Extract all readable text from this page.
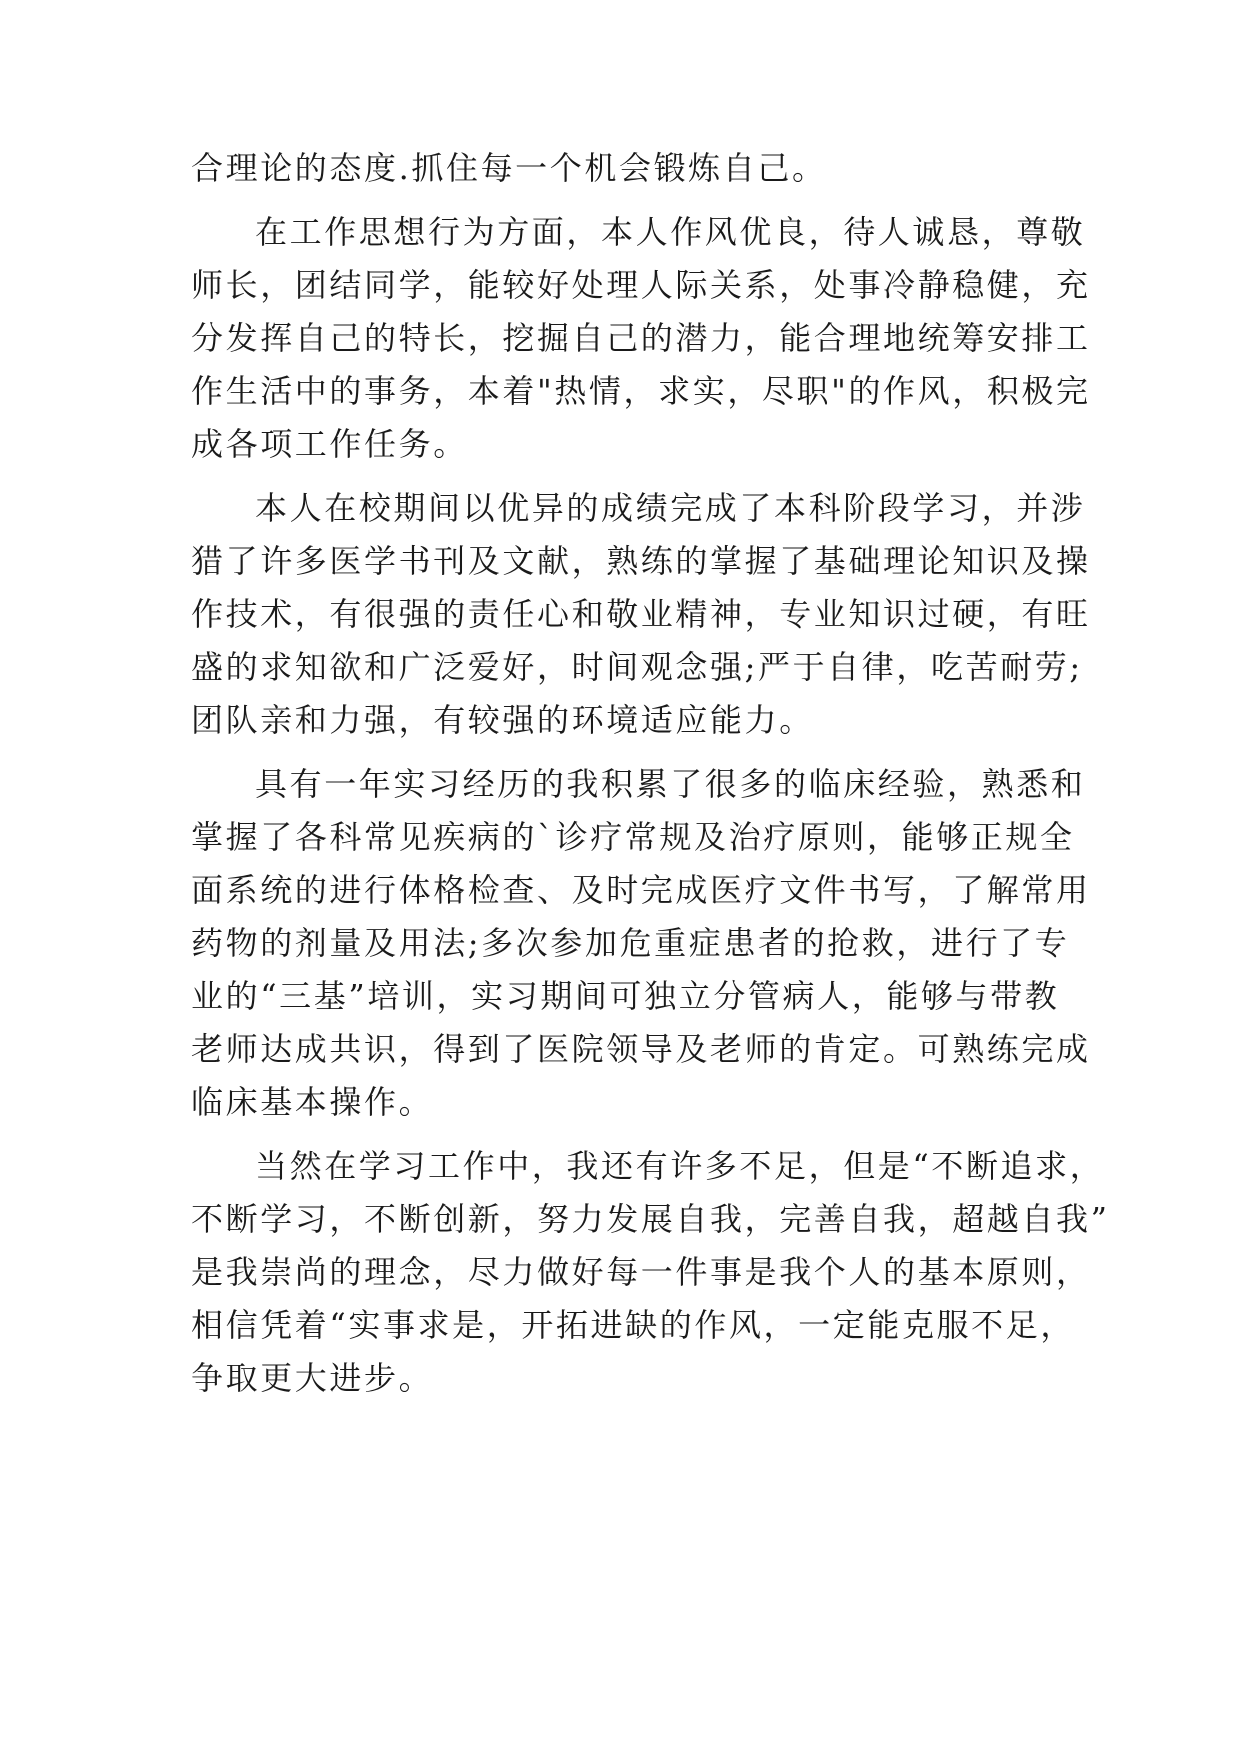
合理论的态度.抓住每一个机会锻炼自己。
在工作思想行为方面，本人作风优良，待人诚恳，尊敬
师长，团结同学，能较好处理人际关系，处事冷静稳健，充
分发挥自己的特长，挖掘自己的潜力，能合理地统筹安排工
作生活中的事务，本着"热情，求实，尽职"的作风，积极完
成各项工作任务。
本人在校期间以优异的成绩完成了本科阶段学习，并涉
猎了许多医学书刊及文献，熟练的掌握了基础理论知识及操
作技术，有很强的责任心和敬业精神，专业知识过硬，有旺
盛的求知欲和广泛爱好，时间观念强;严于自律，吃苦耐劳;
团队亲和力强，有较强的环境适应能力。
具有一年实习经历的我积累了很多的临床经验，熟悉和
掌握了各科常见疾病的`诊疗常规及治疗原则，能够正规全
面系统的进行体格检查、及时完成医疗文件书写，了解常用
药物的剂量及用法;多次参加危重症患者的抢救，进行了专
业的“三基”培训，实习期间可独立分管病人，能够与带教
老师达成共识，得到了医院领导及老师的肯定。可熟练完成
临床基本操作。
当然在学习工作中，我还有许多不足，但是“不断追求，
不断学习，不断创新，努力发展自我，完善自我，超越自我”
是我崇尚的理念，尽力做好每一件事是我个人的基本原则，
相信凭着“实事求是，开拓进缺的作风，一定能克服不足，
争取更大进步。
